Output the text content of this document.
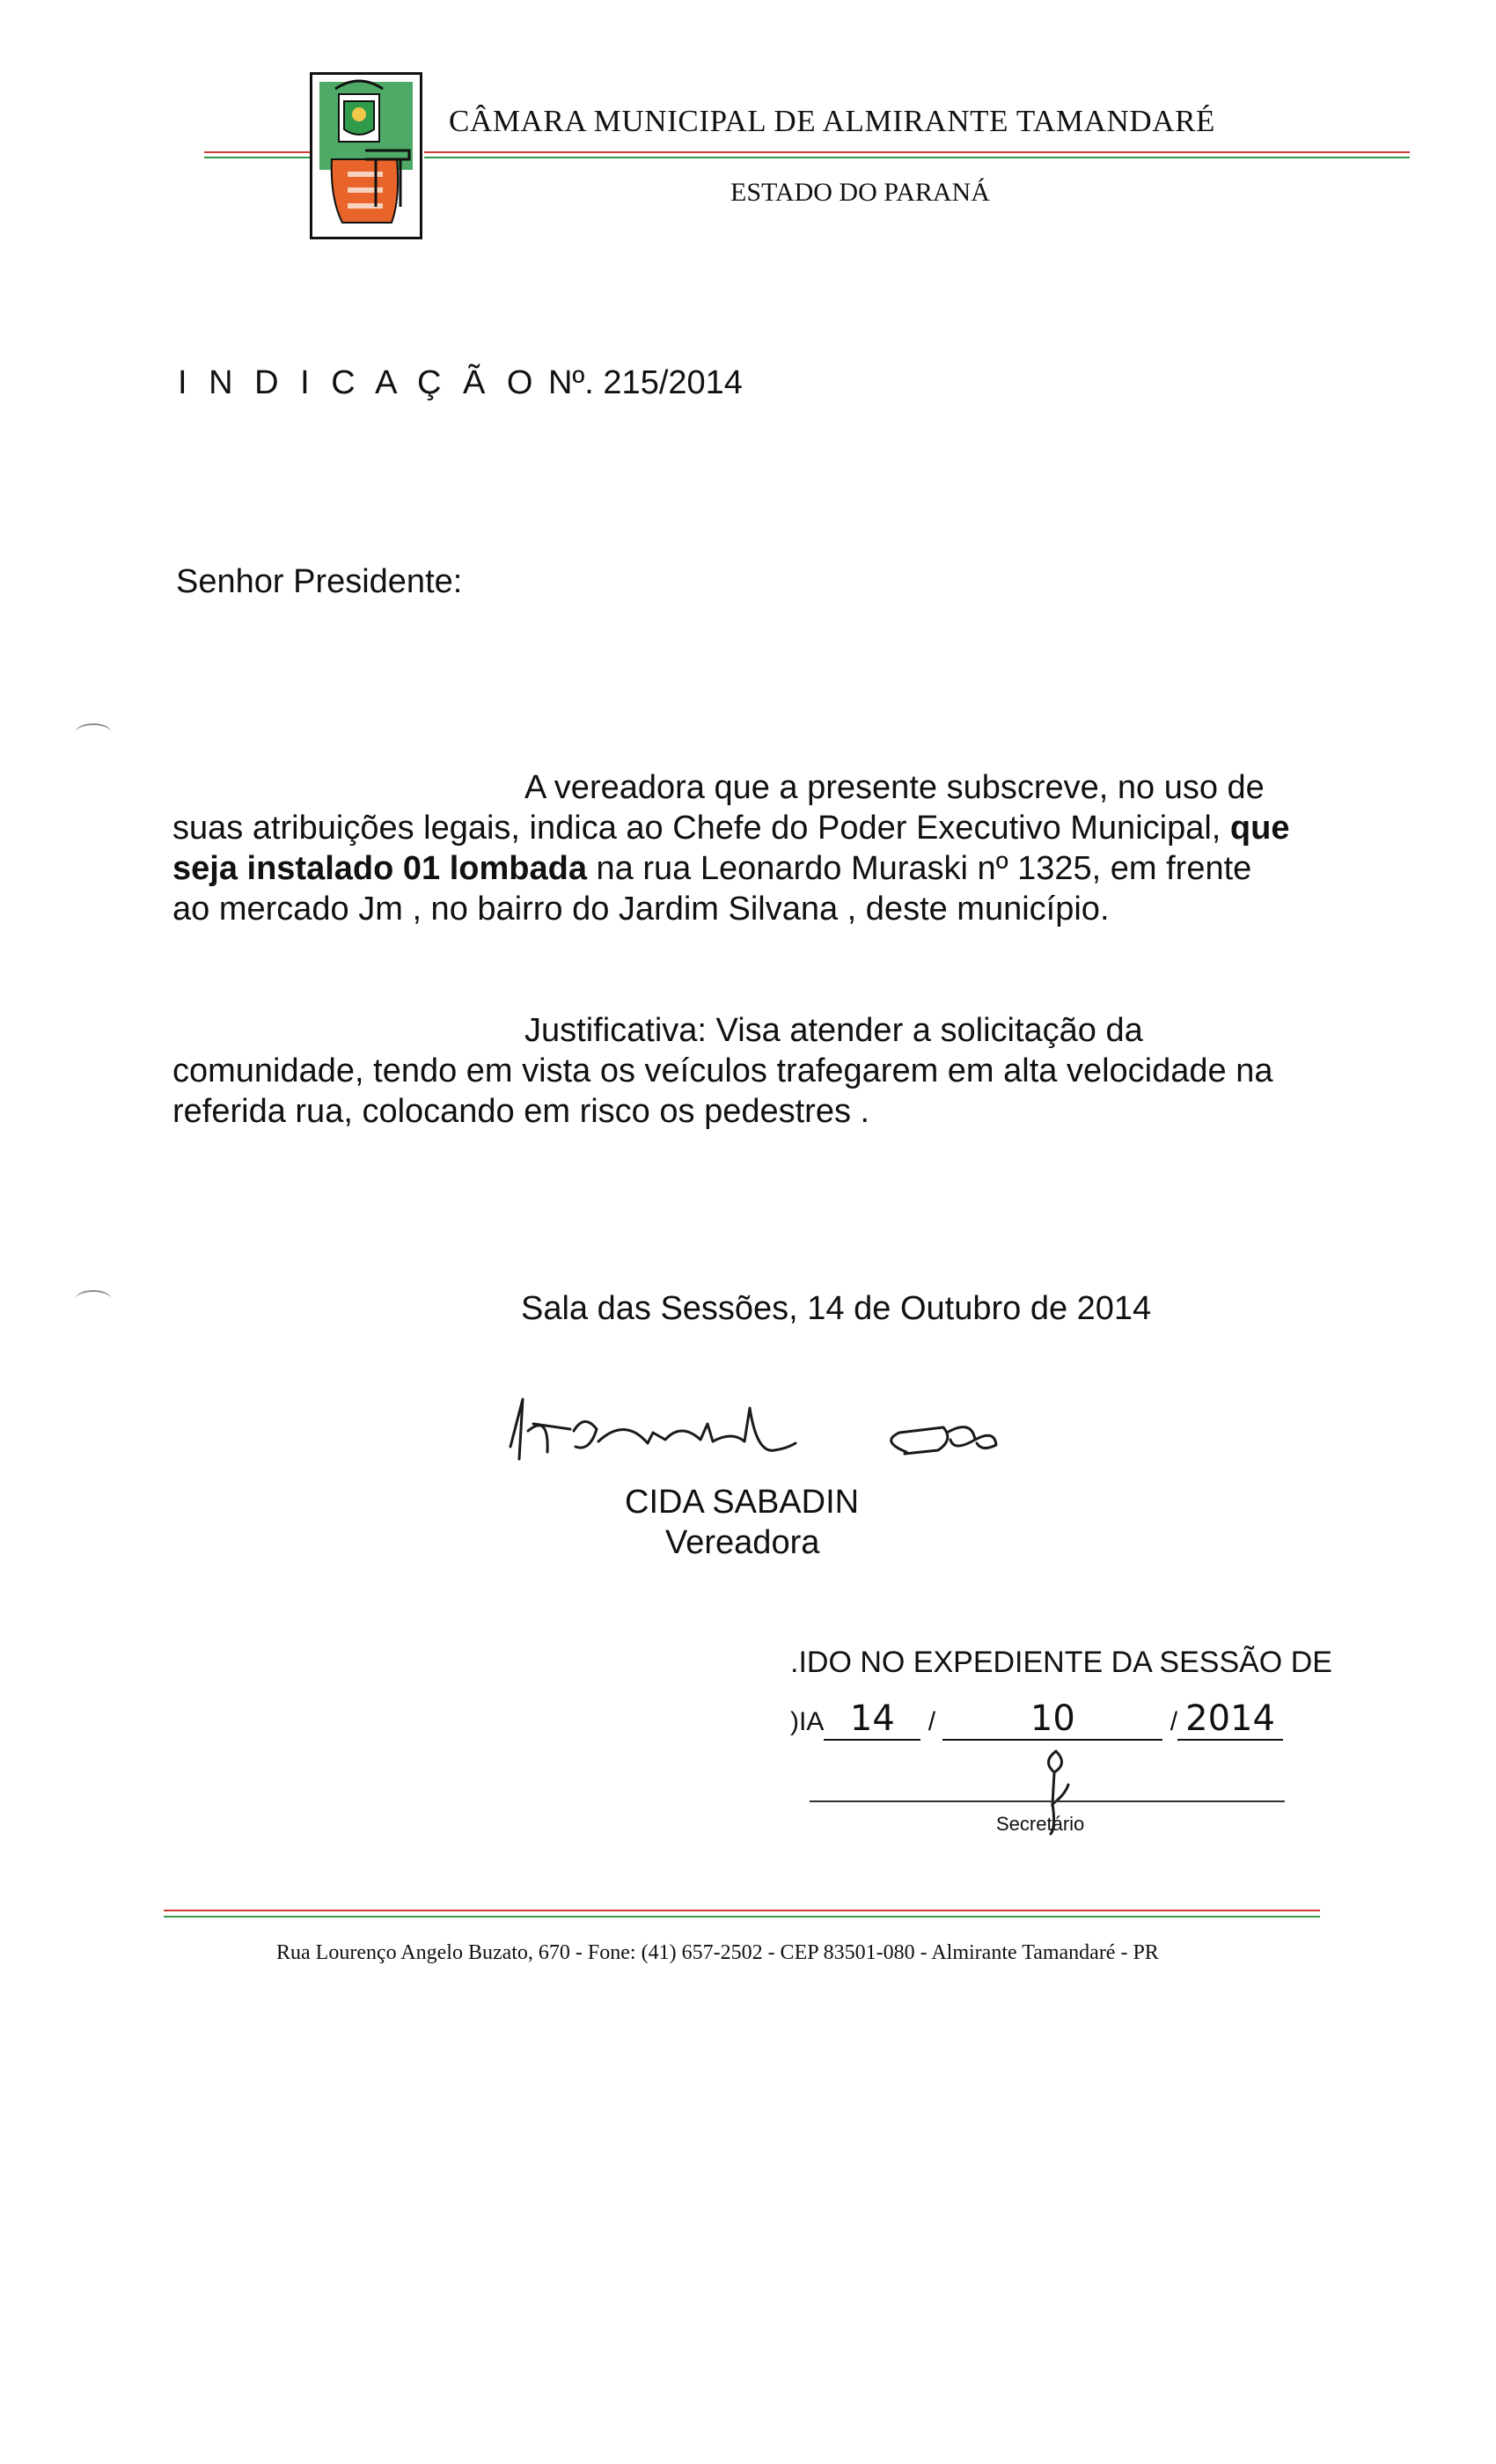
CÂMARA MUNICIPAL DE ALMIRANTE TAMANDARÉ
ESTADO DO PARANÁ
I N D I C A Ç Ã O Nº. 215/2014
Senhor Presidente:
A vereadora que a presente subscreve, no uso de
suas atribuições legais, indica ao Chefe do Poder Executivo Municipal, que
seja instalado 01 lombada na rua Leonardo Muraski nº 1325, em frente
ao mercado Jm , no bairro do Jardim Silvana , deste município.
Justificativa: Visa atender a solicitação da
comunidade, tendo em vista os veículos trafegarem em alta velocidade na
referida rua, colocando em risco os pedestres .
Sala das Sessões, 14 de Outubro de 2014
CIDA SABADIN
Vereadora
.IDO NO EXPEDIENTE DA SESSÃO DE
)IA 14 /	10	/ 2014
Secretário
Rua Lourenço Angelo Buzato, 670 - Fone: (41) 657-2502 - CEP 83501-080 - Almirante Tamandaré - PR
